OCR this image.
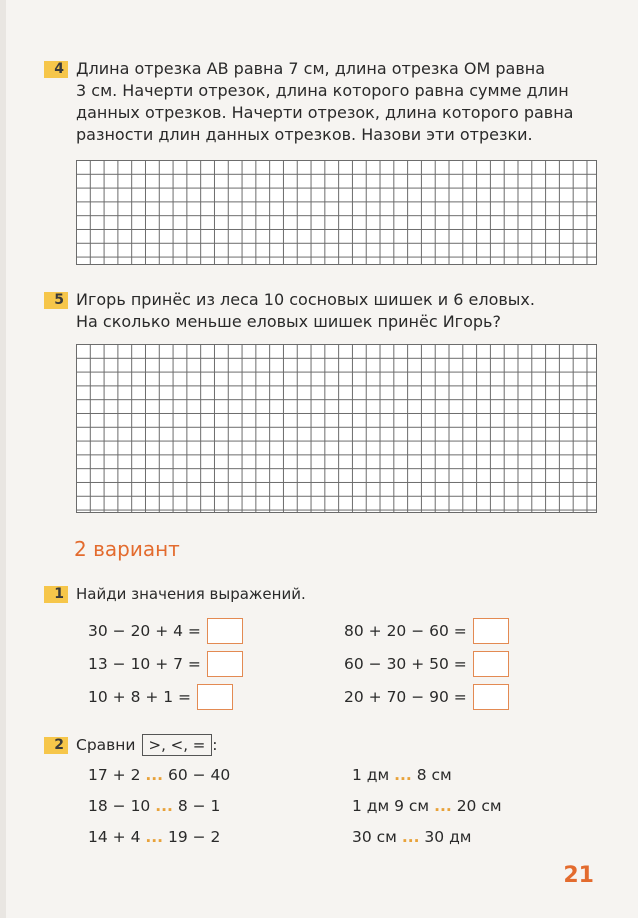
4 Длина отрезка AB равна 7 см, длина отрезка OM равна
3 см. Начерти отрезок, длина которого равна сумме длин
данных отрезков. Начерти отрезок, длина которого равна
разности длин данных отрезков. Назови эти отрезки.
5 Игорь принёс из леса 10 сосновых шишек и 6 еловых.
На сколько меньше еловых шишек принёс Игорь?
2 вариант
1 Найди значения выражений.
30 − 20 + 4 =
13 − 10 + 7 =
10 + 8 + 1 =
80 + 20 − 60 =
60 − 30 + 50 =
20 + 70 − 90 =
2 Сравни >, <, = :
17 + 2 ... 60 − 40
18 − 10 ... 8 − 1
14 + 4 ... 19 − 2
1 дм ... 8 см
1 дм 9 см ... 20 см
30 см ... 30 дм
21
